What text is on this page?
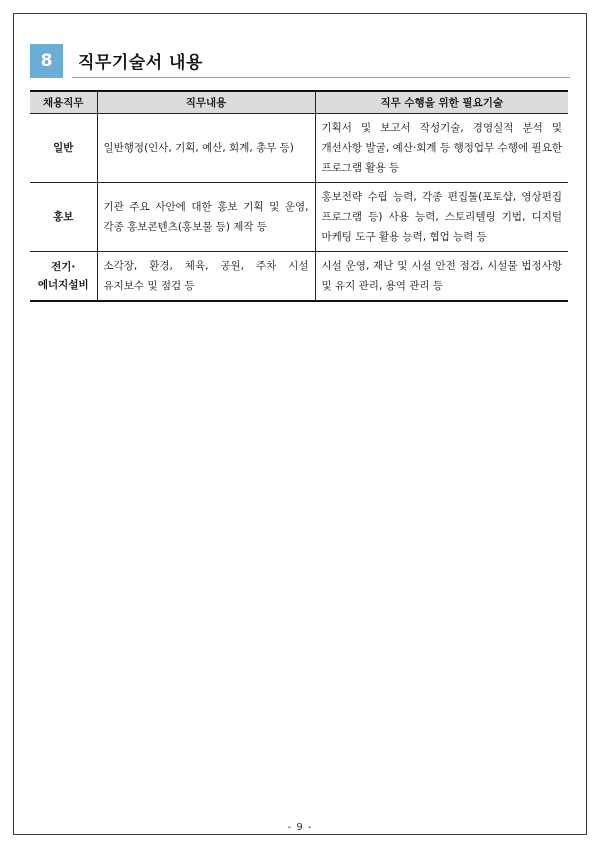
8	직무기술서 내용
채용직무	직무내용	직무 수행을 위한 필요기술
일반	일반행정(인사, 기획, 예산, 회계, 총무 등)	기획서 및 보고서 작성기술, 경영실적 분석 및 개선사항 발굴, 예산·회계 등 행정업무 수행에 필요한 프로그램 활용 등
홍보	기관 주요 사안에 대한 홍보 기획 및 운영, 각종 홍보콘텐츠(홍보물 등) 제작 등	홍보전략 수립 능력, 각종 편집툴(포토샵, 영상편집 프로그램 등) 사용 능력, 스토리텔링 기법, 디지털 마케팅 도구 활용 능력, 협업 능력 등
전기·
에너지설비	소각장, 환경, 체육, 공원, 주차 시설 유지보수 및 점검 등	시설 운영, 재난 및 시설 안전 점검, 시설물 법정사항 및 유지 관리, 용역 관리 등
- 9 -
